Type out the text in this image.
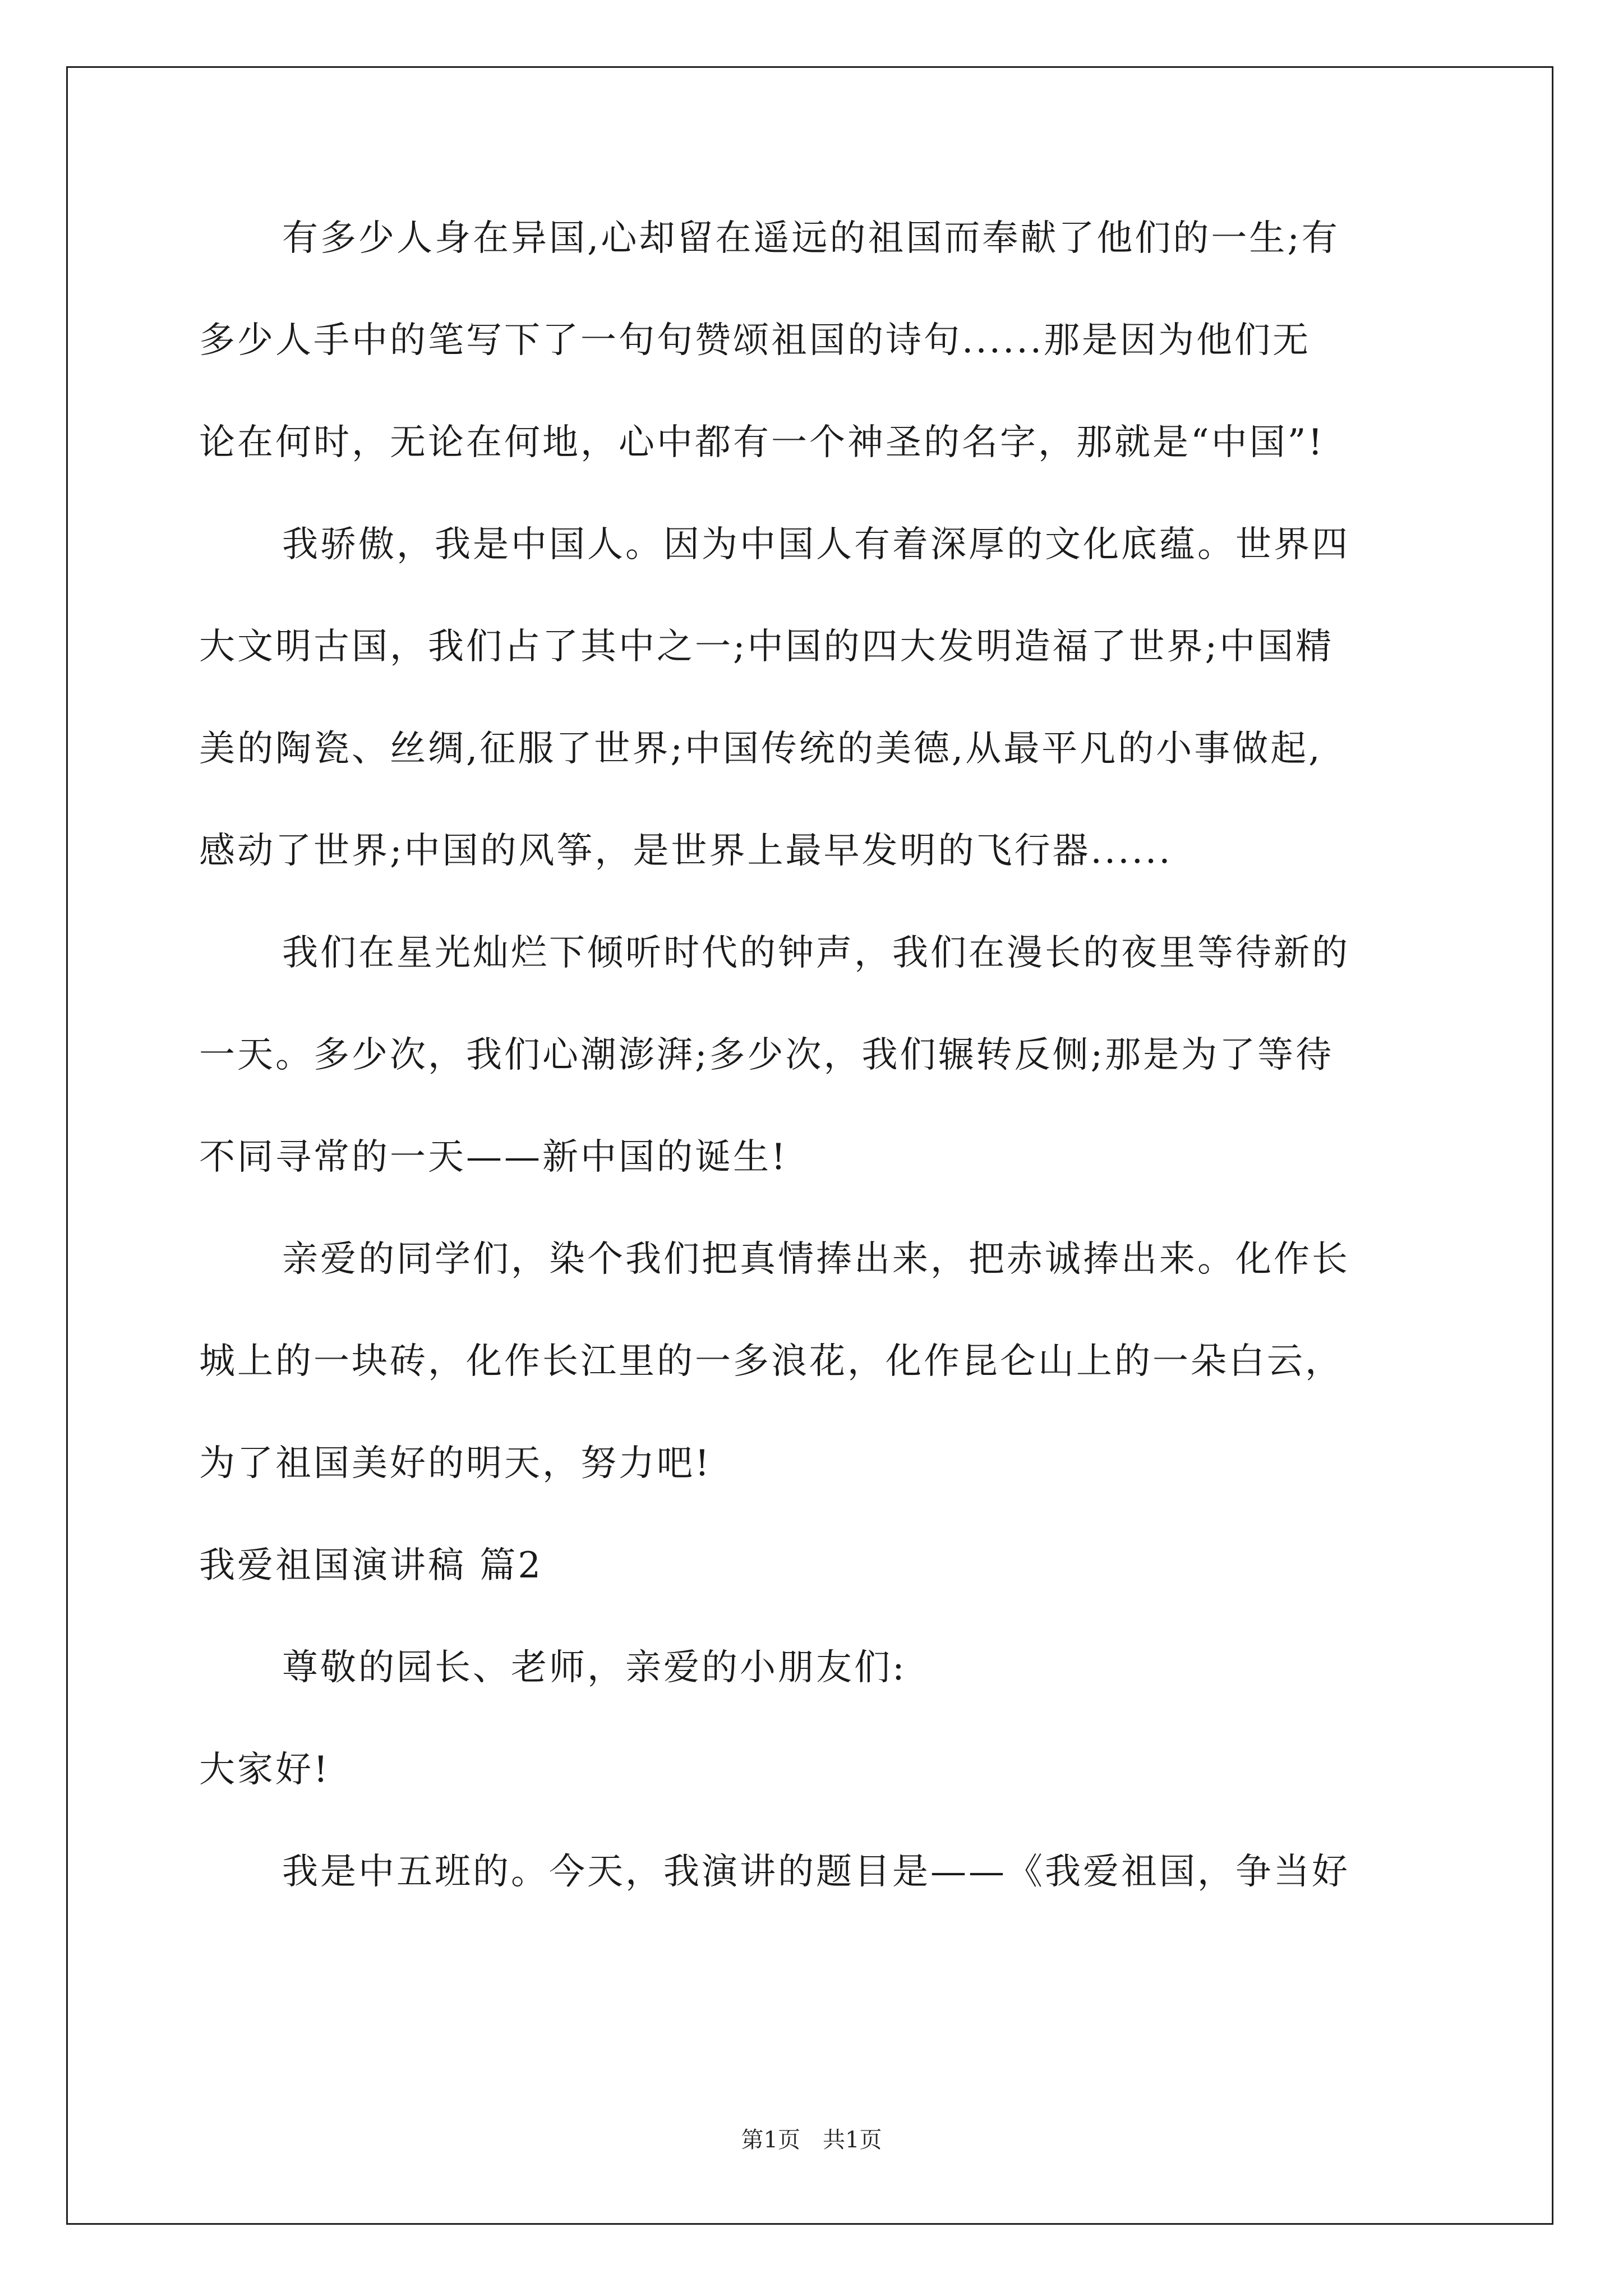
有多少人身在异国,心却留在遥远的祖国而奉献了他们的一生;有
多少人手中的笔写下了一句句赞颂祖国的诗句......那是因为他们无
论在何时，无论在何地，心中都有一个神圣的名字，那就是“中国”!
我骄傲，我是中国人。因为中国人有着深厚的文化底蕴。世界四
大文明古国，我们占了其中之一;中国的四大发明造福了世界;中国精
美的陶瓷、丝绸,征服了世界;中国传统的美德,从最平凡的小事做起,
感动了世界;中国的风筝，是世界上最早发明的飞行器......
我们在星光灿烂下倾听时代的钟声，我们在漫长的夜里等待新的
一天。多少次，我们心潮澎湃;多少次，我们辗转反侧;那是为了等待
不同寻常的一天——新中国的诞生!
亲爱的同学们，染个我们把真情捧出来，把赤诚捧出来。化作长
城上的一块砖，化作长江里的一多浪花，化作昆仑山上的一朵白云，
为了祖国美好的明天，努力吧!
我爱祖国演讲稿 篇2
尊敬的园长、老师，亲爱的小朋友们:
大家好!
我是中五班的。今天，我演讲的题目是——《我爱祖国，争当好
第1页　共1页
